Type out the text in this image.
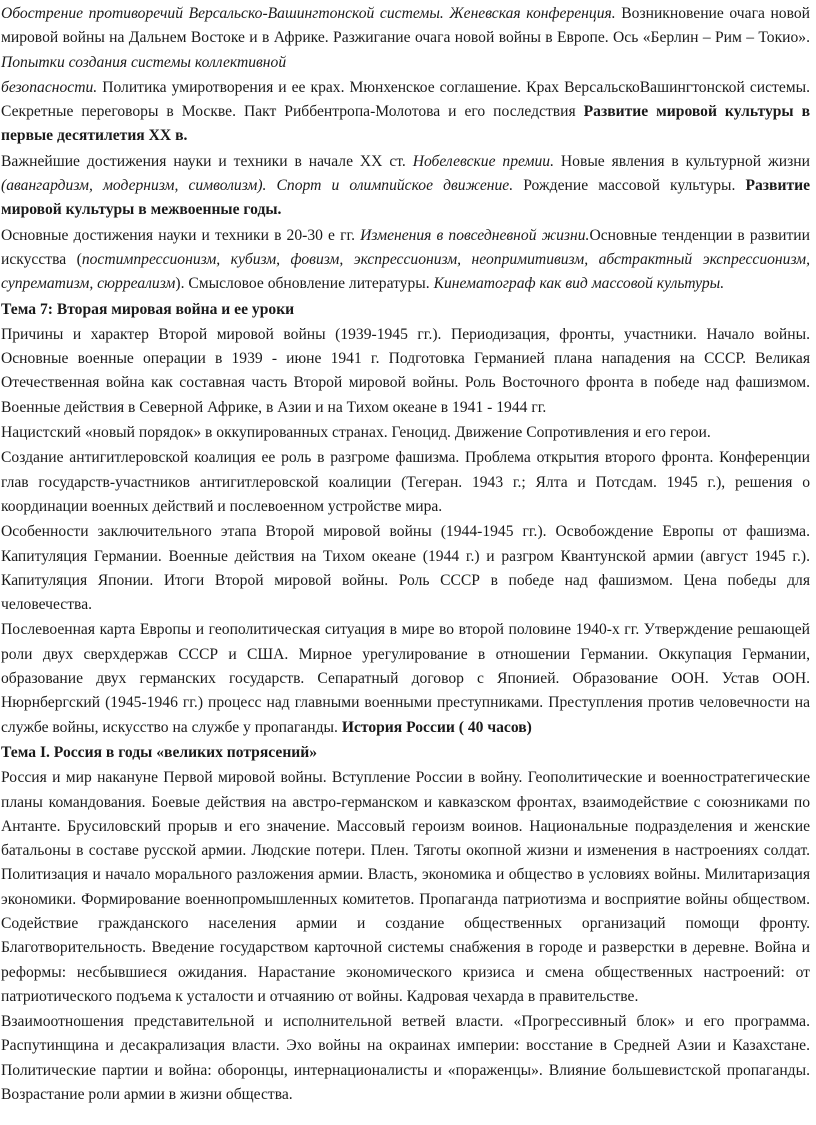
Обострение противоречий Версальско-Вашингтонской системы. Женевская конференция. Возникновение очага новой мировой войны на Дальнем Востоке и в Африке. Разжигание очага новой войны в Европе. Ось «Берлин – Рим – Токио». Попытки создания системы коллективной

безопасности. Политика умиротворения и ее крах. Мюнхенское соглашение. Крах ВерсальскоВашингтонской системы. Секретные переговоры в Москве. Пакт Риббентропа-Молотова и его последствия Развитие мировой культуры в первые десятилетия XX в.

Важнейшие достижения науки и техники в начале XX ст. Нобелевские премии. Новые явления в культурной жизни (авангардизм, модернизм, символизм). Спорт и олимпийское движение. Рождение массовой культуры. Развитие мировой культуры в межвоенные годы.

Основные достижения науки и техники в 20-30 е гг. Изменения в повседневной жизни.Основные тенденции в развитии искусства (постимпрессионизм, кубизм, фовизм, экспрессионизм, неопримитивизм, абстрактный экспрессионизм, супрематизм, сюрреализм). Смысловое обновление литературы. Кинематограф как вид массовой культуры.

Тема 7: Вторая мировая война и ее уроки

Причины и характер Второй мировой войны (1939-1945 гг.). Периодизация, фронты, участники. Начало войны. Основные военные операции в 1939 - июне 1941 г. Подготовка Германией плана нападения на СССР. Великая Отечественная война как составная часть Второй мировой войны. Роль Восточного фронта в победе над фашизмом. Военные действия в Северной Африке, в Азии и на Тихом океане в 1941 - 1944 гг.

Нацистский «новый порядок» в оккупированных странах. Геноцид. Движение Сопротивления и его герои.

Создание антигитлеровской коалиция ее роль в разгроме фашизма. Проблема открытия второго фронта. Конференции глав государств-участников антигитлеровской коалиции (Тегеран. 1943 г.; Ялта и Потсдам. 1945 г.), решения о координации военных действий и послевоенном устройстве мира.

Особенности заключительного этапа Второй мировой войны (1944-1945 гг.). Освобождение Европы от фашизма. Капитуляция Германии. Военные действия на Тихом океане (1944 г.) и разгром Квантунской армии (август 1945 г.). Капитуляция Японии. Итоги Второй мировой войны. Роль СССР в победе над фашизмом. Цена победы для человечества.

Послевоенная карта Европы и геополитическая ситуация в мире во второй половине 1940-х гг. Утверждение решающей роли двух сверхдержав СССР и США. Мирное урегулирование в отношении Германии. Оккупация Германии, образование двух германских государств. Сепаратный договор с Японией. Образование ООН. Устав ООН. Нюрнбергский (1945-1946 гг.) процесс над главными военными преступниками. Преступления против человечности на службе войны, искусство на службе у пропаганды. История России ( 40 часов)

Тема I. Россия в годы «великих потрясений»

Россия и мир накануне Первой мировой войны. Вступление России в войну. Геополитические и военностратегические планы командования. Боевые действия на австро-германском и кавказском фронтах, взаимодействие с союзниками по Антанте. Брусиловский прорыв и его значение. Массовый героизм воинов. Национальные подразделения и женские батальоны в составе русской армии. Людские потери. Плен. Тяготы окопной жизни и изменения в настроениях солдат. Политизация и начало морального разложения армии. Власть, экономика и общество в условиях войны. Милитаризация экономики. Формирование военнопромышленных комитетов. Пропаганда патриотизма и восприятие войны обществом. Содействие гражданского населения армии и создание общественных организаций помощи фронту. Благотворительность. Введение государством карточной системы снабжения в городе и разверстки в деревне. Война и реформы: несбывшиеся ожидания. Нарастание экономического кризиса и смена общественных настроений: от патриотического подъема к усталости и отчаянию от войны. Кадровая чехарда в правительстве.

Взаимоотношения представительной и исполнительной ветвей власти. «Прогрессивный блок» и его программа. Распутинщина и десакрализация власти. Эхо войны на окраинах империи: восстание в Средней Азии и Казахстане. Политические партии и война: оборонцы, интернационалисты и «пораженцы». Влияние большевистской пропаганды. Возрастание роли армии в жизни общества.
